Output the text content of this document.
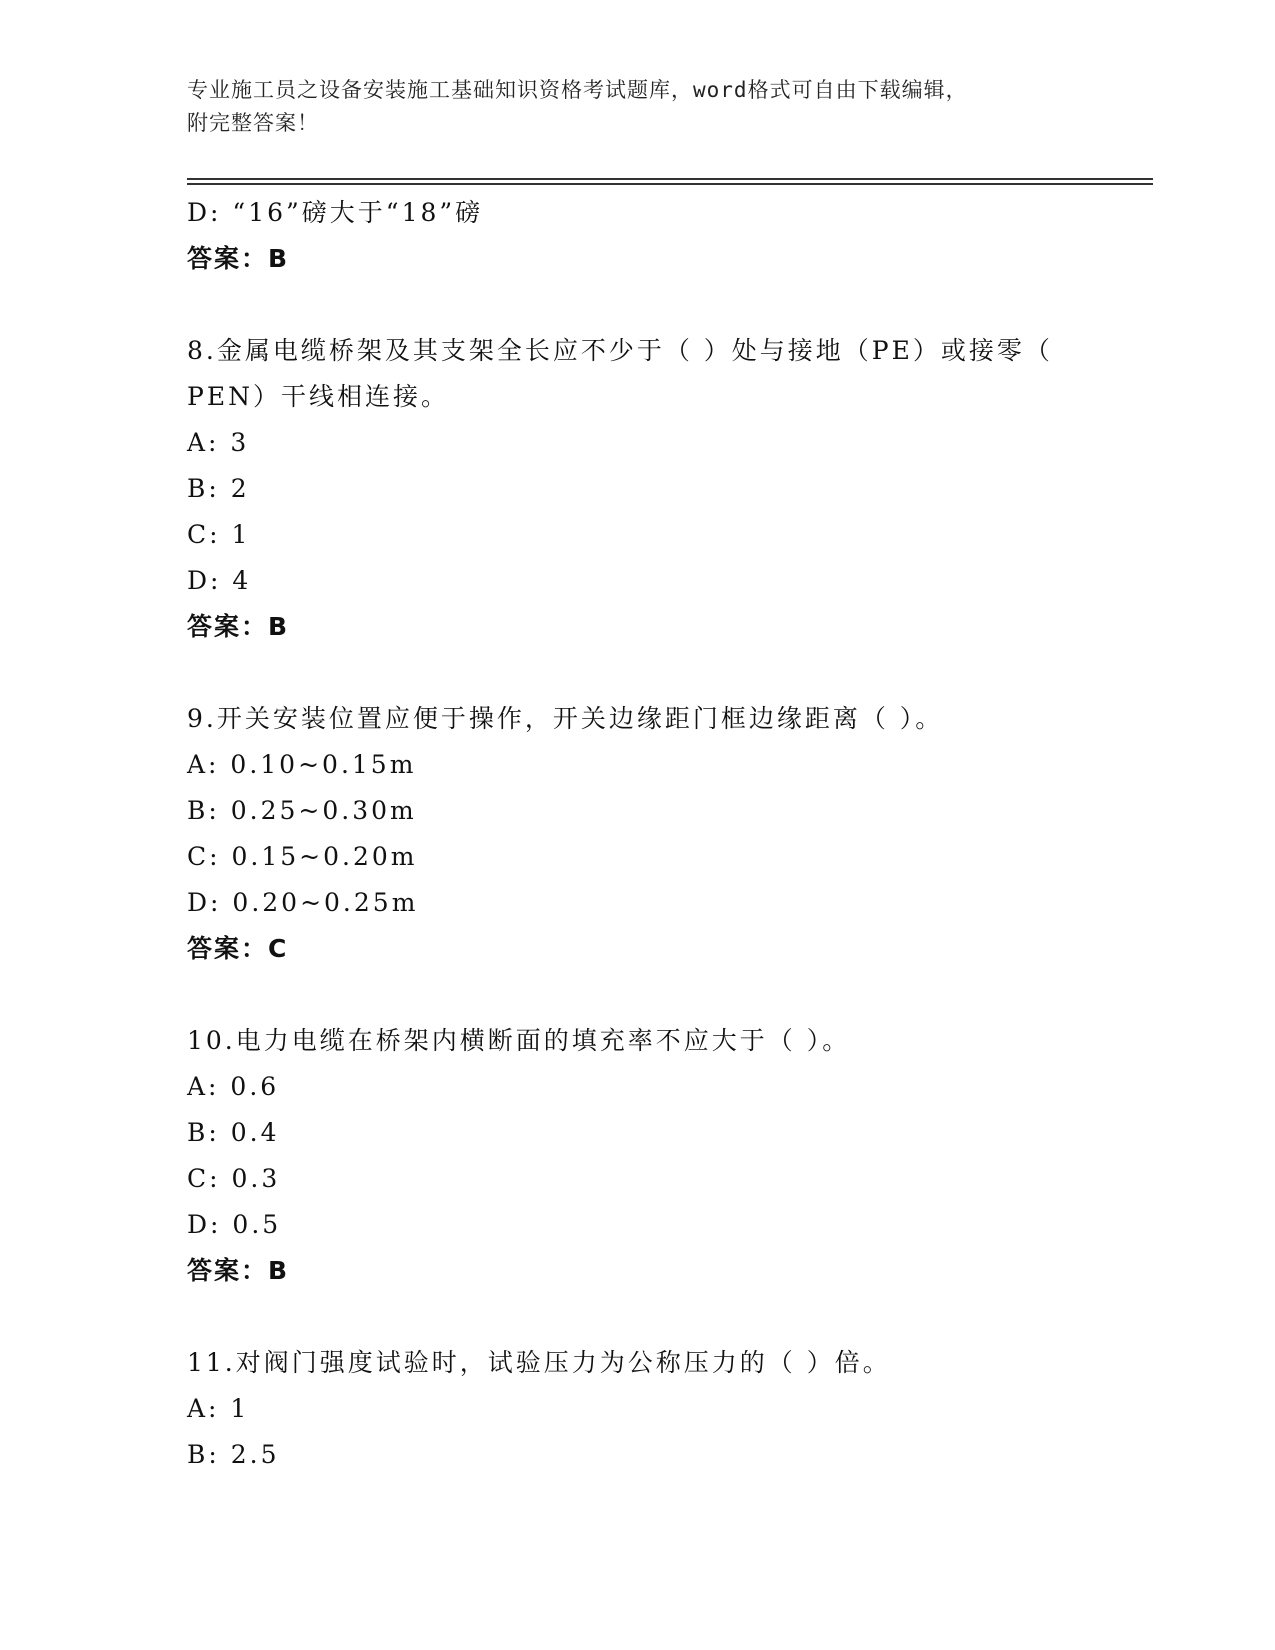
专业施工员之设备安装施工基础知识资格考试题库，word格式可自由下载编辑，
附完整答案！
D: “16”磅大于“18”磅
答案：B
8.金属电缆桥架及其支架全长应不少于（ ）处与接地（PE）或接零（
PEN）干线相连接。
A: 3
B: 2
C: 1
D: 4
答案：B
9.开关安装位置应便于操作，开关边缘距门框边缘距离（ ）。
A: 0.10~0.15m
B: 0.25~0.30m
C: 0.15~0.20m
D: 0.20~0.25m
答案：C
10.电力电缆在桥架内横断面的填充率不应大于（ ）。
A: 0.6
B: 0.4
C: 0.3
D: 0.5
答案：B
11.对阀门强度试验时，试验压力为公称压力的（ ）倍。
A: 1
B: 2.5
